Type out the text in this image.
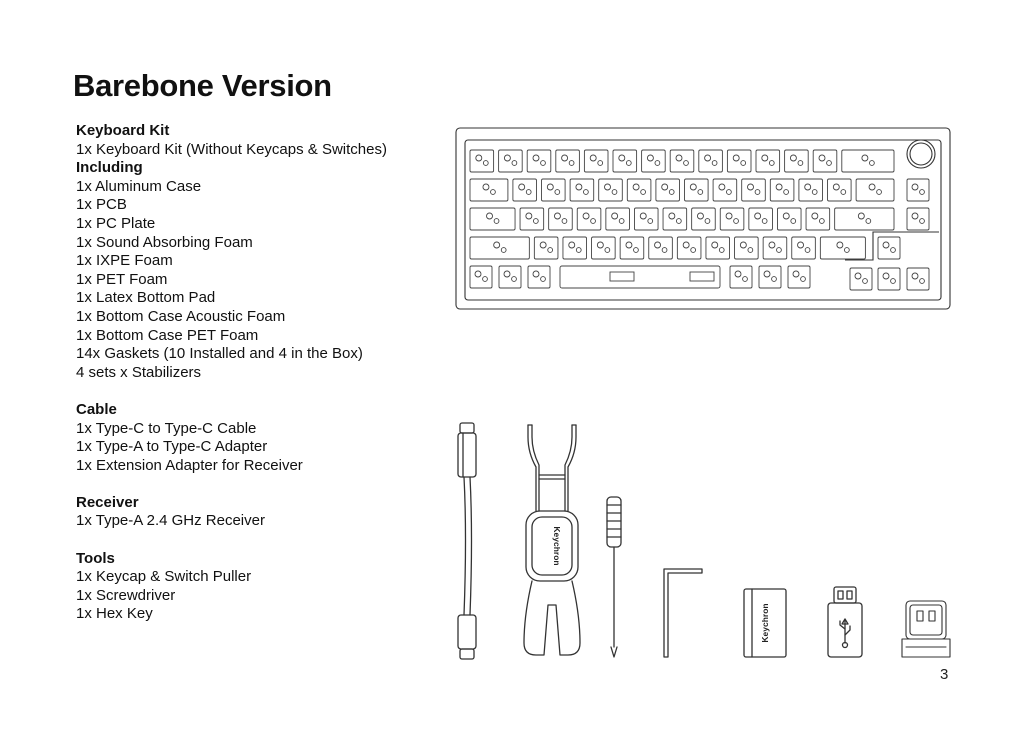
Barebone Version
Keyboard Kit
1x Keyboard Kit (Without Keycaps & Switches)
Including
1x Aluminum Case
1x PCB
1x PC Plate
1x Sound Absorbing Foam
1x IXPE Foam
1x PET Foam
1x Latex Bottom Pad
1x Bottom Case Acoustic Foam
1x Bottom Case PET Foam
14x Gaskets (10 Installed and 4 in the Box)
4 sets x Stabilizers
Cable
1x Type-C to Type-C Cable
1x Type-A to Type-C Adapter
1x Extension Adapter for Receiver
Receiver
1x Type-A 2.4 GHz Receiver
Tools
1x Keycap & Switch Puller
1x Screwdriver
1x Hex Key
Keychron
Keychron
3
